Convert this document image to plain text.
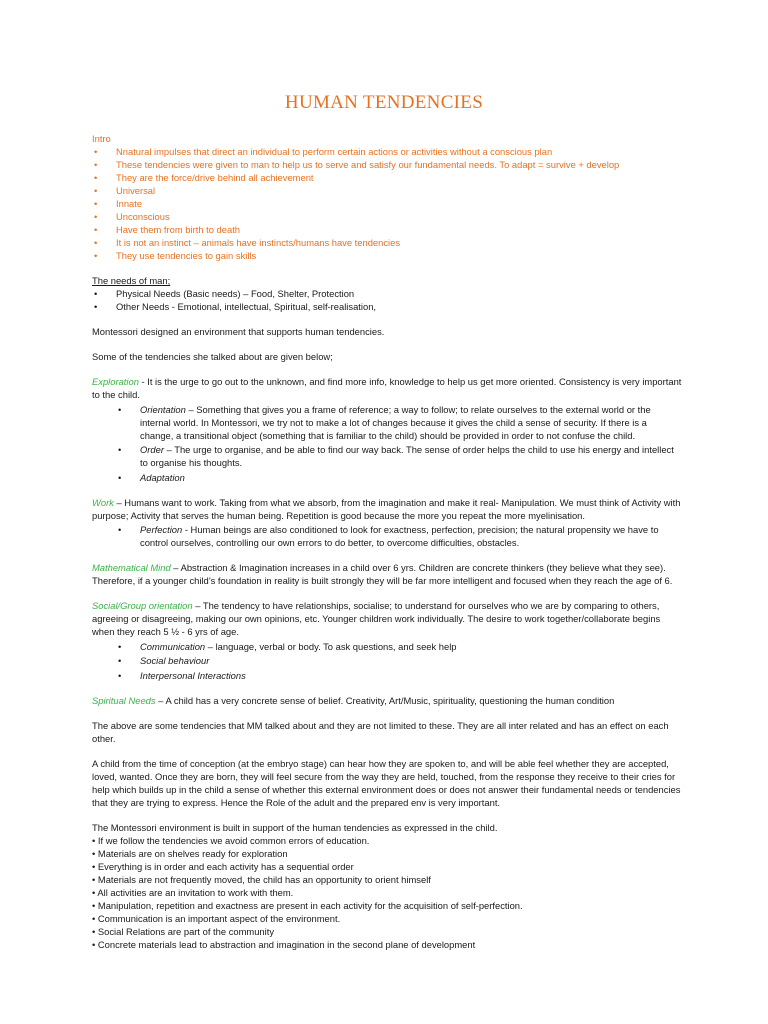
HUMAN TENDENCIES
Intro
• Nnatural impulses that direct an individual to perform certain actions or activities without a conscious plan
• These tendencies were given to man to help us to serve and satisfy our fundamental needs. To adapt = survive + develop
• They are the force/drive behind all achievement
• Universal
• Innate
• Unconscious
• Have them from birth to death
• It is not an instinct – animals have instincts/humans have tendencies
• They use tendencies to gain skills
The needs of man;
• Physical Needs (Basic needs) – Food, Shelter, Protection
• Other Needs - Emotional, intellectual, Spiritual, self-realisation,

Montessori designed an environment that supports human tendencies.

Some of the tendencies she talked about are given below;

Exploration - It is the urge to go out to the unknown, and find more info, knowledge to help us get more oriented. Consistency is very important to the child.

• Orientation – Something that gives you a frame of reference; a way to follow; to relate ourselves to the external world or the internal world. In Montessori, we try not to make a lot of changes because it gives the child a sense of security. If there is a change, a transitional object (something that is familiar to the child) should be provided in order to not confuse the child.
• Order – The urge to organise, and be able to find our way back. The sense of order helps the child to use his energy and intellect to organise his thoughts.
• Adaptation

Work – Humans want to work. Taking from what we absorb, from the imagination and make it real- Manipulation. We must think of Activity with purpose; Activity that serves the human being. Repetition is good because the more you repeat the more myelinisation.

• Perfection - Human beings are also conditioned to look for exactness, perfection, precision; the natural propensity we have to control ourselves, controlling our own errors to do better, to overcome difficulties, obstacles.

Mathematical Mind – Abstraction & Imagination increases in a child over 6 yrs. Children are concrete thinkers (they believe what they see). Therefore, if a younger child’s foundation in reality is built strongly they will be far more intelligent and focused when they reach the age of 6.

Social/Group orientation – The tendency to have relationships, socialise; to understand for ourselves who we are by comparing to others, agreeing or disagreeing, making our own opinions, etc. Younger children work individually. The desire to work together/collaborate begins when they reach 5 ½ - 6 yrs of age.

• Communication – language, verbal or body. To ask questions, and seek help
• Social behaviour
• Interpersonal Interactions

Spiritual Needs – A child has a very concrete sense of belief. Creativity, Art/Music, spirituality, questioning the human condition

The above are some tendencies that MM talked about and they are not limited to these. They are all inter related and has an effect on each other.

A child from the time of conception (at the embryo stage) can hear how they are spoken to, and will be able feel whether they are accepted, loved, wanted. Once they are born, they will feel secure from the way they are held, touched, from the response they receive to their cries for help which builds up in the child a sense of whether this external environment does or does not answer their fundamental needs or tendencies that they are trying to express. Hence the Role of the adult and the prepared env is very important.

The Montessori environment is built in support of the human tendencies as expressed in the child.

• If we follow the tendencies we avoid common errors of education.

• Materials are on shelves ready for exploration

• Everything is in order and each activity has a sequential order

• Materials are not frequently moved, the child has an opportunity to orient himself

• All activities are an invitation to work with them.

• Manipulation, repetition and exactness are present in each activity for the acquisition of self-perfection.

• Communication is an important aspect of the environment.

• Social Relations are part of the community

• Concrete materials lead to abstraction and imagination in the second plane of development
